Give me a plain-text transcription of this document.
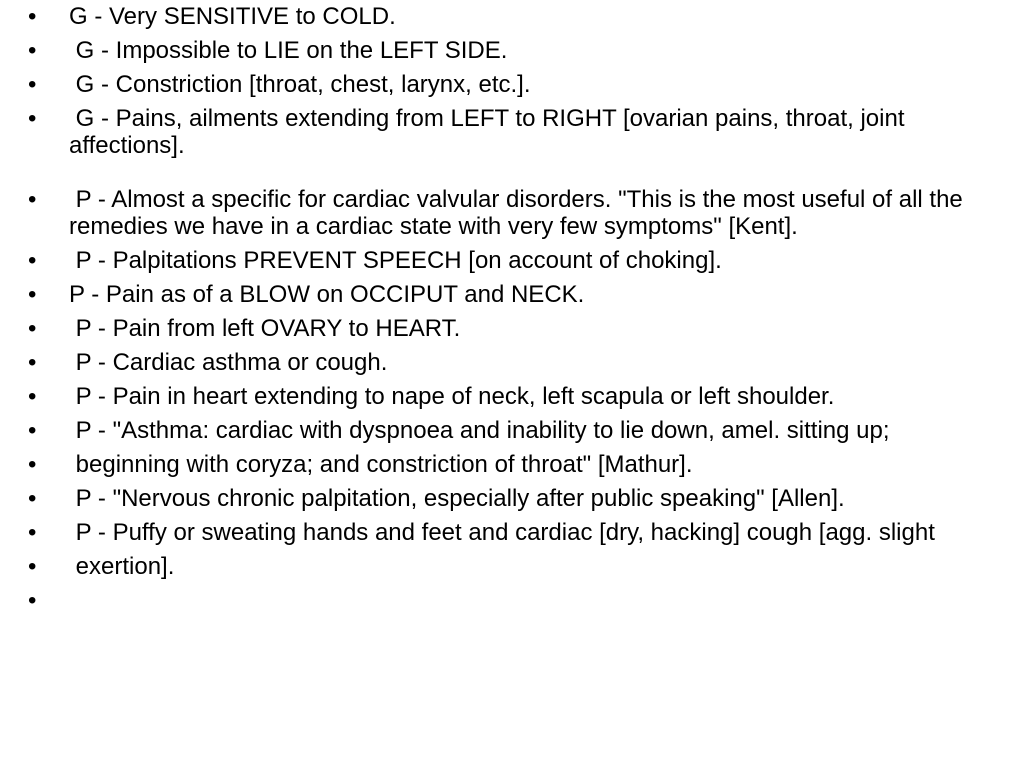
• G - Very SENSITIVE to COLD.
• G - Impossible to LIE on the LEFT SIDE.
• G - Constriction [throat, chest, larynx, etc.].
• G - Pains, ailments extending from LEFT to RIGHT [ovarian pains, throat, joint affections].
• P - Almost a specific for cardiac valvular disorders. "This is the most useful of all the remedies we have in a cardiac state with very few symptoms" [Kent].
• P - Palpitations PREVENT SPEECH [on account of choking].
• P - Pain as of a BLOW on OCCIPUT and NECK.
• P - Pain from left OVARY to HEART.
• P - Cardiac asthma or cough.
• P - Pain in heart extending to nape of neck, left scapula or left shoulder.
• P - "Asthma: cardiac with dyspnoea and inability to lie down, amel. sitting up;
• beginning with coryza; and constriction of throat" [Mathur].
• P - "Nervous chronic palpitation, especially after public speaking" [Allen].
• P - Puffy or sweating hands and feet and cardiac [dry, hacking] cough [agg. slight
• exertion].
•
